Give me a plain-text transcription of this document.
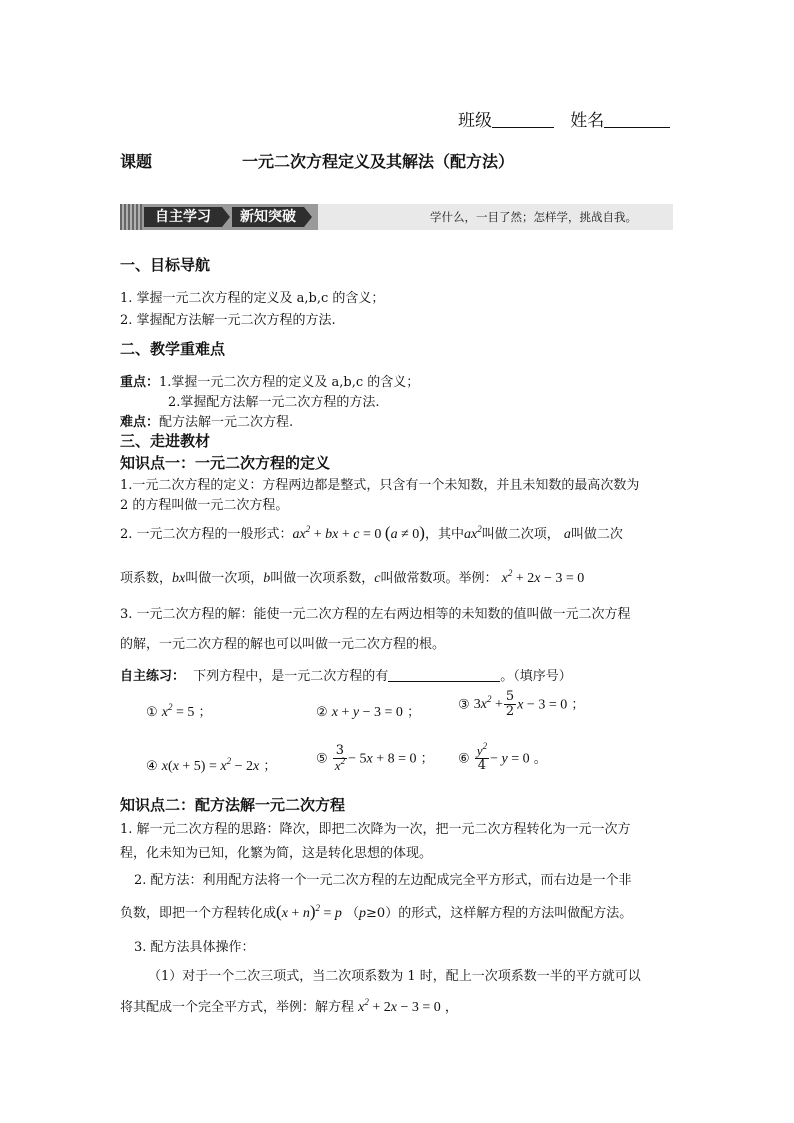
班级	姓名
课题	一元二次方程定义及其解法（配方法）
自主学习	新知突破	学什么，一目了然；怎样学，挑战自我。
一、目标导航
1. 掌握一元二次方程的定义及 a,b,c 的含义；
2. 掌握配方法解一元二次方程的方法.
二、教学重难点
重点：1.掌握一元二次方程的定义及 a,b,c 的含义；
2.掌握配方法解一元二次方程的方法.
难点：配方法解一元二次方程.
三、走进教材
知识点一：一元二次方程的定义
1.一元二次方程的定义：方程两边都是整式，只含有一个未知数，并且未知数的最高次数为
2 的方程叫做一元二次方程。
2. 一元二次方程的一般形式：$ax^2$ + bx + c = 0 (a ≠ 0)，其中$ax^2$叫做二次项， a叫做二次
项系数，bx叫做一次项，b叫做一次项系数，c叫做常数项。举例： $x^2 + 2x - 3 = 0$
3. 一元二次方程的解：能使一元二次方程的左右两边相等的未知数的值叫做一元二次方程
的解，一元二次方程的解也可以叫做一元二次方程的根。
自主练习： 下列方程中，是一元二次方程的有	。（填序号）
① $x^2 = 5$ ；	② x + y − 3 = 0 ；
③ $3x^2 + \frac{5}{2}$ x − 3 = 0 ；
④ $x(x + 5) = x^2 - 2x$ ；
⑤ $\frac{3}{x^2} - 5x + 8 = 0$ ； ⑥ $\frac{y^2}{4} - y = 0$ 。
知识点二：配方法解一元二次方程
1. 解一元二次方程的思路：降次，即把二次降为一次，把一元二次方程转化为一元一次方
程，化未知为已知，化繁为简，这是转化思想的体现。
2. 配方法：利用配方法将一个一元二次方程的左边配成完全平方形式，而右边是一个非
负数，即把一个方程转化成$(x + n)^2 = p$ （p≥0）的形式，这样解方程的方法叫做配方法。
3. 配方法具体操作：
（1）对于一个二次三项式，当二次项系数为 1 时，配上一次项系数一半的平方就可以
将其配成一个完全平方式，举例：解方程 $x^2 + 2x - 3 = 0$ ，
